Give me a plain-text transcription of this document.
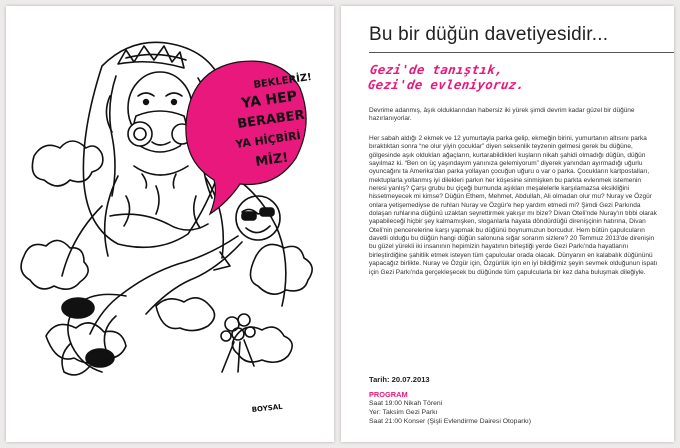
BEKLERİZ!
YA HEP
BERABER
YA HİÇBİRİ
MİZ!
BOYSAL
Bu bir düğün davetiyesidir...
Gezi'de tanıştık,
Gezi'de evleniyoruz.
Devrime adanmış, âşık olduklarından habersiz iki yürek şimdi devrim kadar güzel bir düğüne hazırlanıyorlar.
Her sabah aldığı 2 ekmek ve 12 yumurtayla parka gelip, ekmeğin birini, yumurtanın altısını parka bıraktıktan sonra “ne olur yiyin çocuklar” diyen seksenlik teyzenin gelmesi gerek bu düğüne, gölgesinde aşık oldukları ağaçların, kurtarabildikleri kuşların nikah şahidi olmadığı düğün, düğün sayılmaz ki. “Ben on üç yaşındayım yanınıza gelemiyorum” diyerek yanından ayırmadığı uğurlu oyuncağını ta Amerika'dan parka yollayan çocuğun uğuru o var o parka. Çocukların kartpostalları, mektuplarla yollanmış iyi dilekleri parkın her köşesine sinmişken bu parkta evlenmek istemenin neresi yanlış? Çarşı grubu bu çiçeği burnunda aşıkları meşalelerle karşılamazsa eksikliğini hissetmeyecek mi kimse? Düğün Ethem, Mehmet, Abdullah, Ali olmadan olur mu? Nuray ve Özgür onlara yetişemediyse de ruhları Nuray ve Özgür'e hep yardım etmedi mi? Şimdi Gezi Parkında dolaşan ruhlarına düğünü uzaktan seyrettirmek yakışır mı bize? Divan Oteli'nde Nuray'ın tıbbi olarak yapabileceği hiçbir şey kalmamışken, sloganlarla hayata döndürdüğü direnişçinin hatırına, Divan Oteli'nin pencerelerine karşı yapmak bu düğünü boynumuzun borcudur. Hem bütün çapulcuların davetli olduğu bu düğün hangi düğün salonuna sığar sorarım sizlere? 20 Temmuz 2013'de direnişin bu güzel yürekli iki insanının hepimizin hayatının birleştiği yerde Gezi Parkı'nda hayatlarını birleştirdiğine şahitlik etmek isteyen tüm çapulcular orada olacak. Dünyanın en kalabalık düğününü yapacağız birlikte. Nuray ve Özgür için, Özgürlük için en iyi bildiğimiz şeyin sevmek olduğunun ispatı için Gezi Parkı'nda gerçekleşecek bu düğünde tüm çapulcularla bir kez daha buluşmak dileğiyle.
Tarih: 20.07.2013
PROGRAM
Saat 19:00 Nikah Töreni
Yer: Taksim Gezi Parkı
Saat 21:00 Konser (Şişli Evlendirme Dairesi Otoparkı)
